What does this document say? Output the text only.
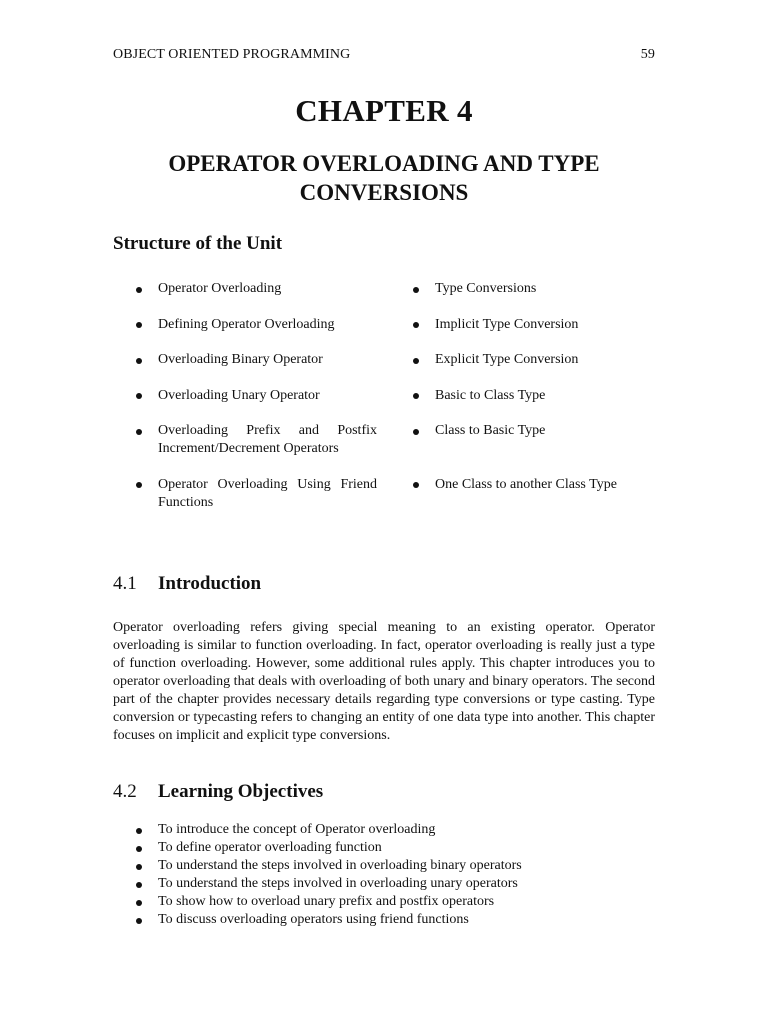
OBJECT ORIENTED PROGRAMMING	59
CHAPTER 4
OPERATOR OVERLOADING AND TYPE CONVERSIONS
Structure of the Unit
Operator Overloading
Defining Operator Overloading
Overloading Binary Operator
Overloading Unary Operator
Overloading Prefix and Postfix Increment/Decrement Operators
Operator Overloading Using Friend Functions
Type Conversions
Implicit Type Conversion
Explicit Type Conversion
Basic to Class Type
Class to Basic Type
One Class to another Class Type
4.1 Introduction

Operator overloading refers giving special meaning to an existing operator. Operator overloading is similar to function overloading. In fact, operator overloading is really just a type of function overloading. However, some additional rules apply. This chapter introduces you to operator overloading that deals with overloading of both unary and binary operators. The second part of the chapter provides necessary details regarding type conversions or type casting. Type conversion or typecasting refers to changing an entity of one data type into another. This chapter focuses on implicit and explicit type conversions.

4.2 Learning Objectives
To introduce the concept of Operator overloading
To define operator overloading function
To understand the steps involved in overloading binary operators
To understand the steps involved in overloading unary operators
To show how to overload unary prefix and postfix operators
To discuss overloading operators using friend functions
